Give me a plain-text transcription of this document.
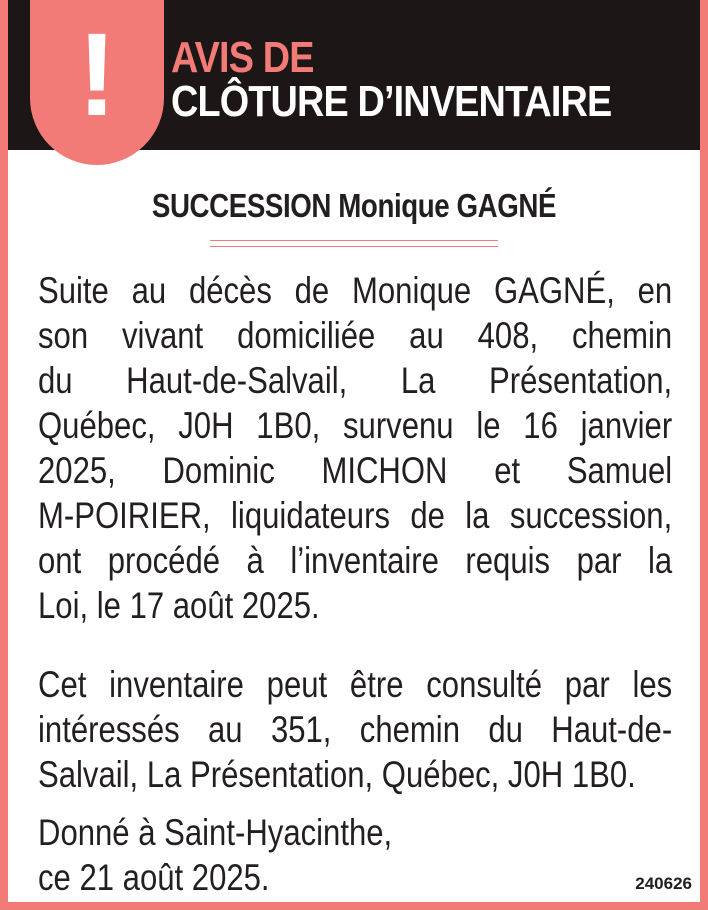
!	AVIS DE
CLÔTURE D’INVENTAIRE
SUCCESSION Monique GAGNÉ
Suite au décès de Monique GAGNÉ, en
son vivant domiciliée au 408, chemin
du Haut-de-Salvail, La Présentation,
Québec, J0H 1B0, survenu le 16 janvier
2025, Dominic MICHON et Samuel
M-POIRIER, liquidateurs de la succession,
ont procédé à l’inventaire requis par la
Loi, le 17 août 2025.
Cet inventaire peut être consulté par les
intéressés au 351, chemin du Haut-de-
Salvail, La Présentation, Québec, J0H 1B0.
Donné à Saint-Hyacinthe,
ce 21 août 2025.	240626
